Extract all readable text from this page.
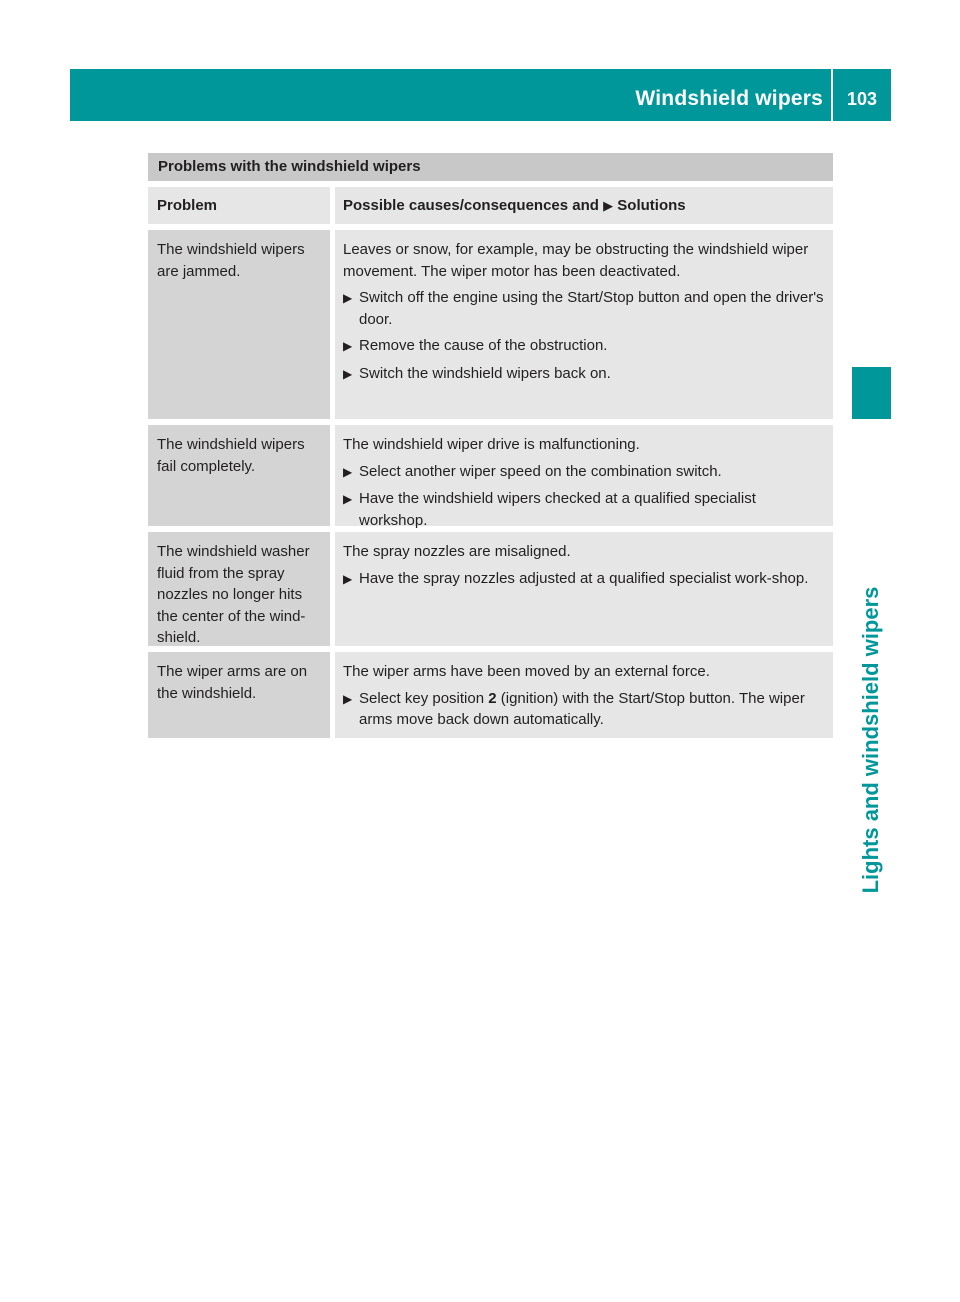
Windshield wipers	103
Lights and windshield wipers
Problems with the windshield wipers
Problem	Possible causes/consequences and ▶ Solutions

The windshield wipers are jammed.

Leaves or snow, for example, may be obstructing the windshield wiper movement. The wiper motor has been deactivated.

▶ Switch off the engine using the Start/Stop button and open the driver's door.
▶ Remove the cause of the obstruction.
▶ Switch the windshield wipers back on.

The windshield wipers fail completely.

The windshield wiper drive is malfunctioning.

▶ Select another wiper speed on the combination switch.
▶ Have the windshield wipers checked at a qualified specialist workshop.

The windshield washer fluid from the spray nozzles no longer hits the center of the wind-shield.

The spray nozzles are misaligned.

▶ Have the spray nozzles adjusted at a qualified specialist work-shop.

The wiper arms are on the windshield.

The wiper arms have been moved by an external force.

▶ Select key position 2 (ignition) with the Start/Stop button. The wiper arms move back down automatically.
